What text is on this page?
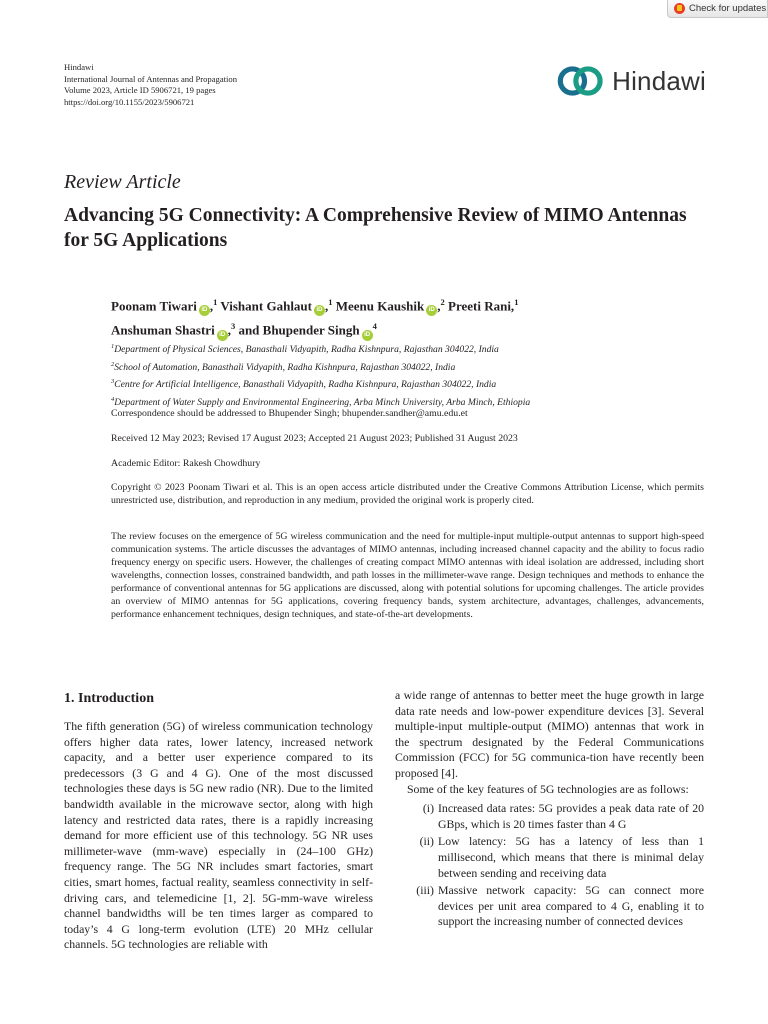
Check for updates
Hindawi
International Journal of Antennas and Propagation
Volume 2023, Article ID 5906721, 19 pages
https://doi.org/10.1155/2023/5906721
Hindawi
Review Article
Advancing 5G Connectivity: A Comprehensive Review of MIMO Antennas for 5G Applications
Poonam Tiwari iD ,$^1$ Vishant Gahlaut iD ,$^1$ Meenu Kaushik iD ,$^2$ Preeti Rani,$^1$
Anshuman Shastri iD ,$^3$ and Bhupender Singh $iD^4$
$^1$Department of Physical Sciences, Banasthali Vidyapith, Radha Kishnpura, Rajasthan 304022, India
$^2$School of Automation, Banasthali Vidyapith, Radha Kishnpura, Rajasthan 304022, India
$^3$Centre for Artificial Intelligence, Banasthali Vidyapith, Radha Kishnpura, Rajasthan 304022, India
$^4$Department of Water Supply and Environmental Engineering, Arba Minch University, Arba Minch, Ethiopia
Correspondence should be addressed to Bhupender Singh; bhupender.sandher@amu.edu.et
Received 12 May 2023; Revised 17 August 2023; Accepted 21 August 2023; Published 31 August 2023
Academic Editor: Rakesh Chowdhury
Copyright © 2023 Poonam Tiwari et al. This is an open access article distributed under the Creative Commons Attribution License, which permits unrestricted use, distribution, and reproduction in any medium, provided the original work is properly cited.
The review focuses on the emergence of 5G wireless communication and the need for multiple-input multiple-output antennas to support high-speed communication systems. The article discusses the advantages of MIMO antennas, including increased channel capacity and the ability to focus radio frequency energy on specific users. However, the challenges of creating compact MIMO antennas with ideal isolation are addressed, including short wavelengths, connection losses, constrained bandwidth, and path losses in the millimeter-wave range. Design techniques and methods to enhance the performance of conventional antennas for 5G applications are discussed, along with potential solutions for upcoming challenges. The article provides an overview of MIMO antennas for 5G applications, covering frequency bands, system architecture, advantages, challenges, advancements, performance enhancement techniques, design techniques, and state-of-the-art developments.
1. Introduction

The fifth generation (5G) of wireless communication technology offers higher data rates, lower latency, increased network capacity, and a better user experience compared to its predecessors (3 G and 4 G). One of the most discussed technologies these days is 5G new radio (NR). Due to the limited bandwidth available in the microwave sector, along with high latency and restricted data rates, there is a rapidly increasing demand for more efficient use of this technology. 5G NR uses millimeter-wave (mm-wave) especially in (24–100 GHz) frequency range. The 5G NR includes smart factories, smart cities, smart homes, factual reality, seamless connectivity in self-driving cars, and telemedicine [1, 2]. 5G-mm-wave wireless channel bandwidths will be ten times larger as compared to today’s 4 G long-term evolution (LTE) 20 MHz cellular channels. 5G technologies are reliable with

a wide range of antennas to better meet the huge growth in large data rate needs and low-power expenditure devices [3]. Several multiple-input multiple-output (MIMO) antennas that work in the spectrum designated by the Federal Communications Commission (FCC) for 5G communica-tion have recently been proposed [4].

Some of the key features of 5G technologies are as follows:

(i) Increased data rates: 5G provides a peak data rate of 20 GBps, which is 20 times faster than 4 G
(ii) Low latency: 5G has a latency of less than 1 millisecond, which means that there is minimal delay between sending and receiving data
(iii) Massive network capacity: 5G can connect more devices per unit area compared to 4 G, enabling it to support the increasing number of connected devices
